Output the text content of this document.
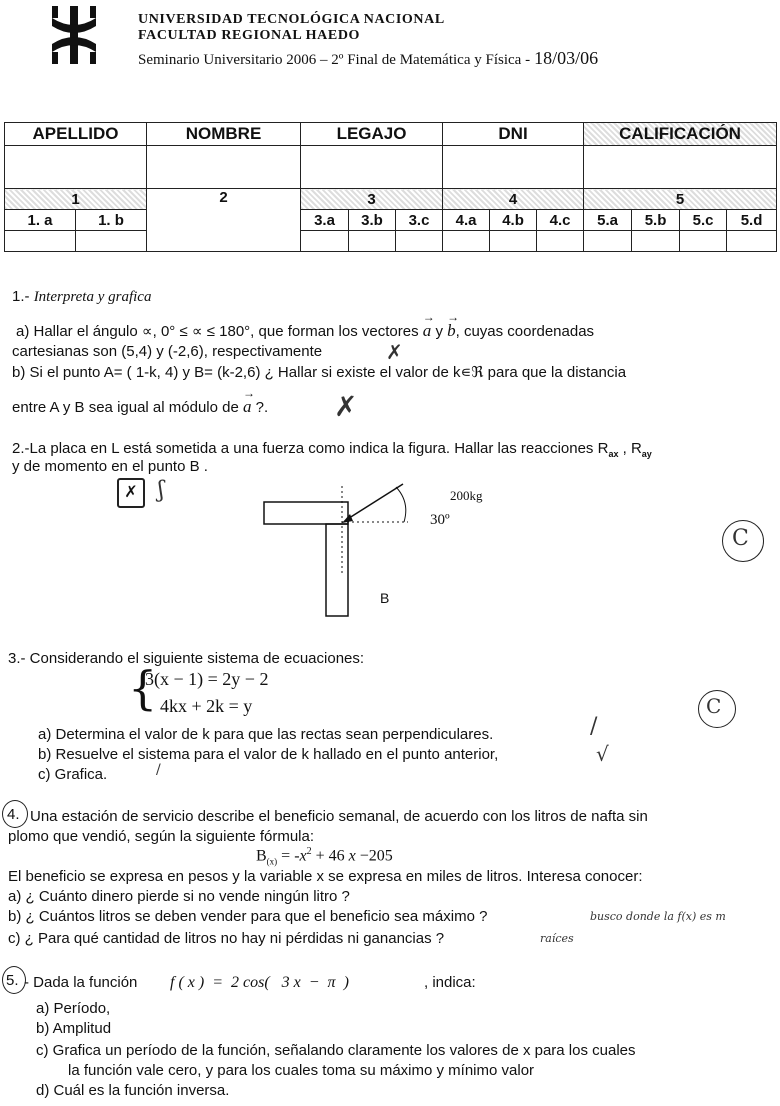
UNIVERSIDAD TECNOLÓGICA NACIONAL
FACULTAD REGIONAL HAEDO
Seminario Universitario 2006 – 2º Final de Matemática y Física - 18/03/06
APELLIDO		NOMBRE	LEGAJO			DNI			CALIFICACIÓN			

1		2	3			4			5			
1. a	1. b		3.a	3.b	3.c	4.a	4.b	4.c	5.a	5.b	5.c	5.d

1.- Interpreta y grafica
a) Hallar el ángulo ∝, 0° ≤ ∝ ≤ 180°, que forman los vectores → a y → b, cuyas coordenadas
cartesianas son (5,4) y (-2,6), respectivamente	✗
b) Si el punto A= ( 1-k, 4) y B= (k-2,6) ¿ Hallar si existe el valor de k∊ℜ para que la distancia
entre A y B sea igual al módulo de → a ?. ✗
2.-La placa en L está sometida a una fuerza como indica la figura. Hallar las reacciones $R_{ax}$ , $R_{ay}$
y de momento en el punto B .
✗ ʃ	200kg
30º
B
C
3.- Considerando el siguiente sistema de ecuaciones:
{
3(x − 1) = 2y − 2
4kx + 2k = y
a) Determina el valor de k para que las rectas sean perpendiculares.
b) Resuelve el sistema para el valor de k hallado en el punto anterior,
c) Grafica.
/
√
/
C
4. Una estación de servicio describe el beneficio semanal, de acuerdo con los litros de nafta sin
plomo que vendió, según la siguiente fórmula:
$B_{(x)} = -x^2 + 46$ x −205
El beneficio se expresa en pesos y la variable x se expresa en miles de litros. Interesa conocer:
a) ¿ Cuánto dinero pierde si no vende ningún litro ?
b) ¿ Cuántos litros se deben vender para que el beneficio sea máximo ?
c) ¿ Para qué cantidad de litros no hay ni pérdidas ni ganancias ?
busco donde la f(x) es m
raíces
5. - Dada la función f ( x )  =  2 cos(   3 x  −  π  )	, indica:
a) Período,
b) Amplitud
c) Grafica un período de la función, señalando claramente los valores de x para los cuales
la función vale cero, y para los cuales toma su máximo y mínimo valor
d) Cuál es la función inversa.
